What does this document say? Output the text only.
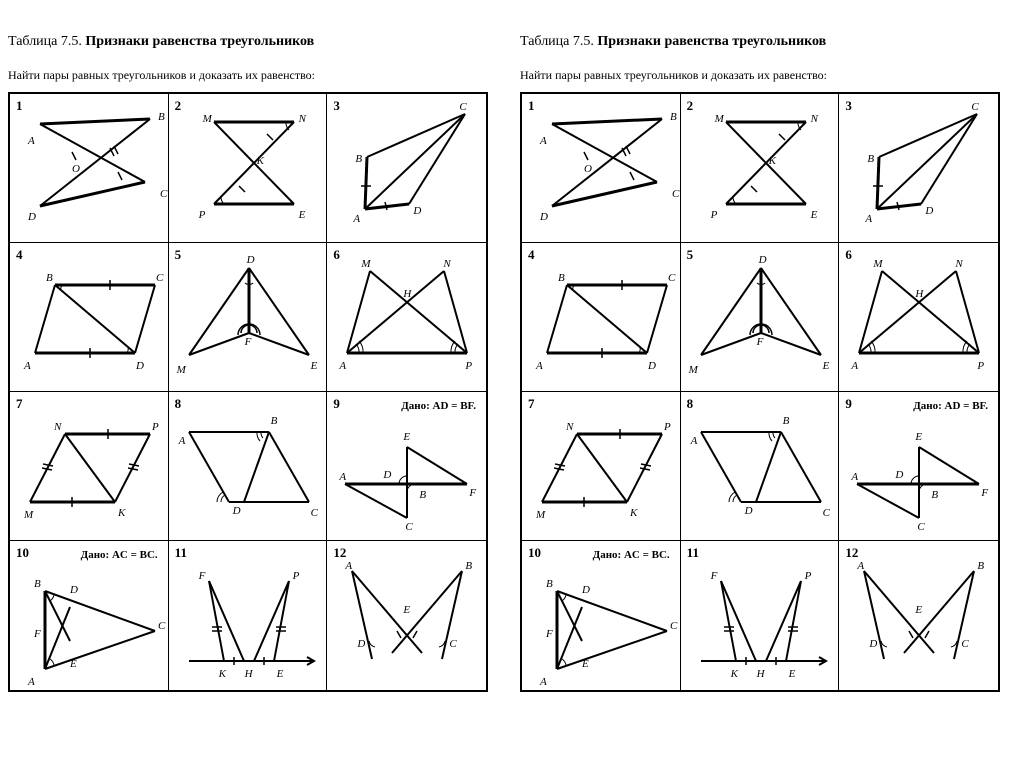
Таблица 7.5. Признаки равенства треугольников
Найти пары равных треугольников и доказать их равенство:
1
A
B
O
C
D
2
M	N
K
P	E
3	C
B
A
D
4
B	C
A	D
5	D
F
M	E
6
M	N
H
A	P
7
N	P
M	K
8
A
B
D	C
9	Дано: AD = BF.
E
A	D
B	F
C
10	Дано: AC = BC.
B	D
C
F
E
A
11
F	P
K H E
12
A	B
E
D	C
Таблица 7.5. Признаки равенства треугольников
Найти пары равных треугольников и доказать их равенство:
1
A
B
O
C
D
2
M	N
K
P	E
3	C
B
A
D
4
B	C
A	D
5	D
F
M	E
6
M	N
H
A	P
7
N	P
M	K
8
A
B
D	C
9	Дано: AD = BF.
E
A	D
B	F
C
10	Дано: AC = BC.
B	D
C
F
E
A
11
F	P
K H E
12
A	B
E
D	C
